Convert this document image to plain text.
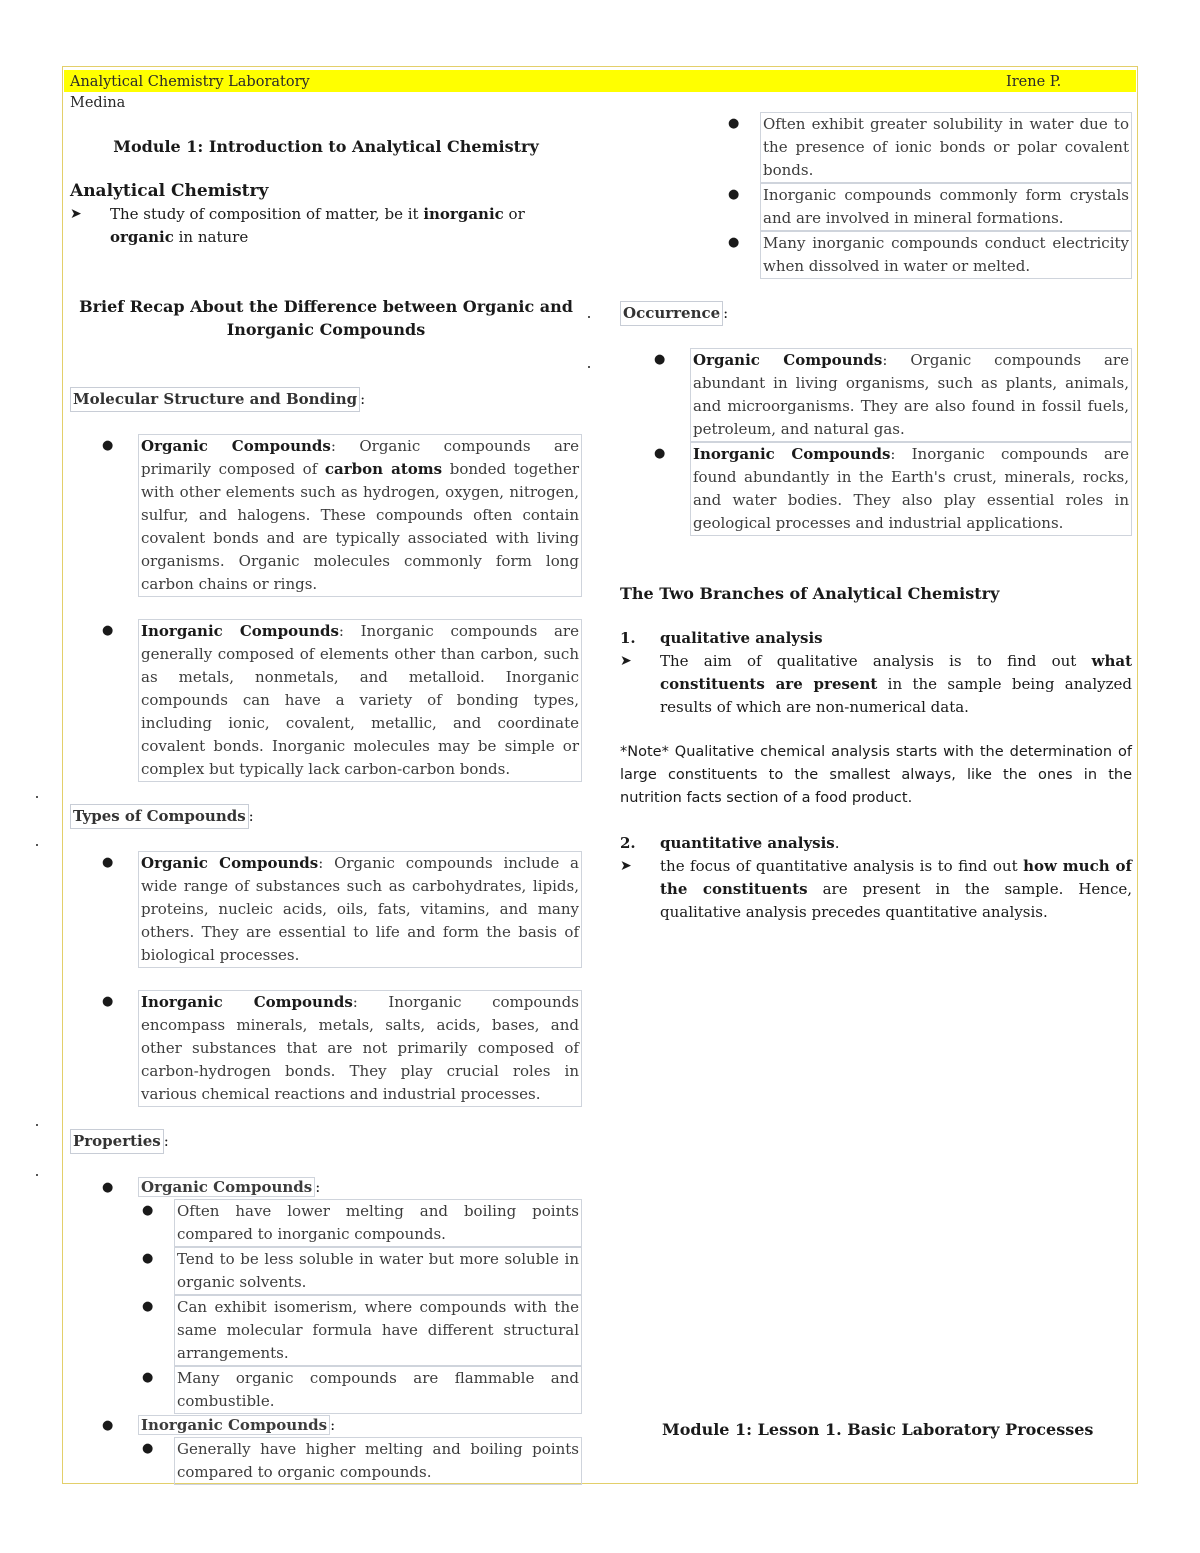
Analytical Chemistry Laboratory	Irene P.
Medina
Module 1: Introduction to Analytical Chemistry
Analytical Chemistry
➤	The study of composition of matter, be it inorganic or organic in nature
Brief Recap About the Difference between Organic and
Inorganic Compounds
Molecular Structure and Bonding :
● Organic Compounds: Organic compounds are primarily composed of carbon atoms bonded together with other elements such as hydrogen, oxygen, nitrogen, sulfur, and halogens. These compounds often contain covalent bonds and are typically associated with living organisms. Organic molecules commonly form long carbon chains or rings.
● Inorganic Compounds: Inorganic compounds are generally composed of elements other than carbon, such as metals, nonmetals, and metalloid. Inorganic compounds can have a variety of bonding types, including ionic, covalent, metallic, and coordinate covalent bonds. Inorganic molecules may be simple or complex but typically lack carbon-carbon bonds.
Types of Compounds :
● Organic Compounds: Organic compounds include a wide range of substances such as carbohydrates, lipids, proteins, nucleic acids, oils, fats, vitamins, and many others. They are essential to life and form the basis of biological processes.
● Inorganic Compounds: Inorganic compounds encompass minerals, metals, salts, acids, bases, and other substances that are not primarily composed of carbon-hydrogen bonds. They play crucial roles in various chemical reactions and industrial processes.
Properties :
● Organic Compounds :
●	Often have lower melting and boiling points compared to inorganic compounds.
●	Tend to be less soluble in water but more soluble in organic solvents.
●	Can exhibit isomerism, where compounds with the same molecular formula have different structural arrangements.
●	Many organic compounds are flammable and combustible.
● Inorganic Compounds :
●	Generally have higher melting and boiling points compared to organic compounds.
●	Often exhibit greater solubility in water due to the presence of ionic bonds or polar covalent bonds.
●	Inorganic compounds commonly form crystals and are involved in mineral formations.
●	Many inorganic compounds conduct electricity when dissolved in water or melted.
Occurrence :
● Organic Compounds: Organic compounds are abundant in living organisms, such as plants, animals, and microorganisms. They are also found in fossil fuels, petroleum, and natural gas.
● Inorganic Compounds: Inorganic compounds are found abundantly in the Earth's crust, minerals, rocks, and water bodies. They also play essential roles in geological processes and industrial applications.
The Two Branches of Analytical Chemistry
1.	qualitative analysis
➤	The aim of qualitative analysis is to find out what constituents are present in the sample being analyzed results of which are non-numerical data.
*Note* Qualitative chemical analysis starts with the determination of large constituents to the smallest always, like the ones in the nutrition facts section of a food product.
2.	quantitative analysis .
➤	the focus of quantitative analysis is to find out how much of the constituents are present in the sample. Hence, qualitative analysis precedes quantitative analysis.
Module 1: Lesson 1. Basic Laboratory Processes
